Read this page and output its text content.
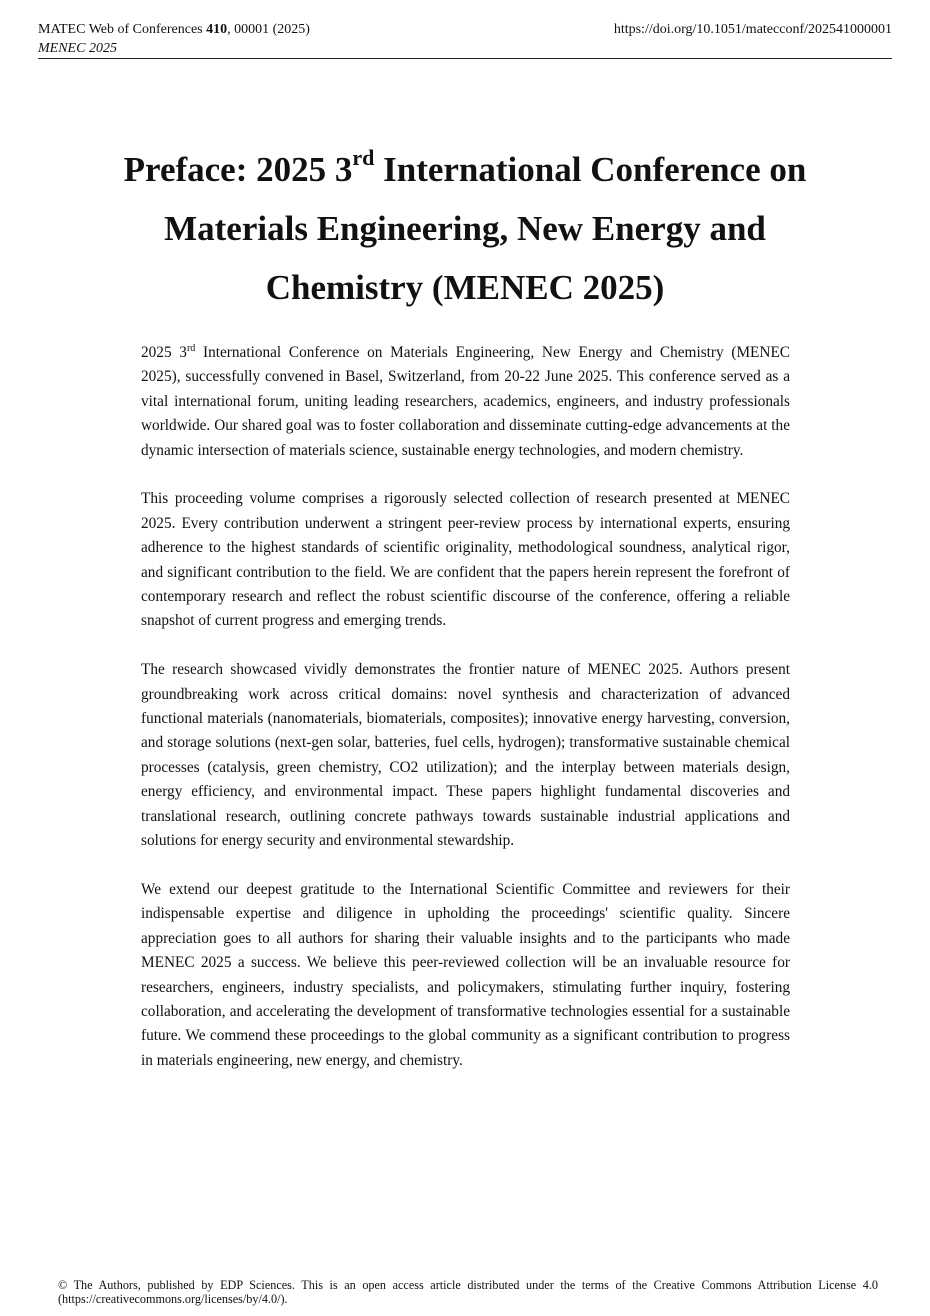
MATEC Web of Conferences 410, 00001 (2025)
MENEC 2025
https://doi.org/10.1051/matecconf/202541000001
Preface: 2025 3rd International Conference on Materials Engineering, New Energy and Chemistry (MENEC 2025)

2025 3rd International Conference on Materials Engineering, New Energy and Chemistry (MENEC 2025), successfully convened in Basel, Switzerland, from 20-22 June 2025. This conference served as a vital international forum, uniting leading researchers, academics, engineers, and industry professionals worldwide. Our shared goal was to foster collaboration and disseminate cutting-edge advancements at the dynamic intersection of materials science, sustainable energy technologies, and modern chemistry.

This proceeding volume comprises a rigorously selected collection of research presented at MENEC 2025. Every contribution underwent a stringent peer-review process by international experts, ensuring adherence to the highest standards of scientific originality, methodological soundness, analytical rigor, and significant contribution to the field. We are confident that the papers herein represent the forefront of contemporary research and reflect the robust scientific discourse of the conference, offering a reliable snapshot of current progress and emerging trends.

The research showcased vividly demonstrates the frontier nature of MENEC 2025. Authors present groundbreaking work across critical domains: novel synthesis and characterization of advanced functional materials (nanomaterials, biomaterials, composites); innovative energy harvesting, conversion, and storage solutions (next-gen solar, batteries, fuel cells, hydrogen); transformative sustainable chemical processes (catalysis, green chemistry, CO2 utilization); and the interplay between materials design, energy efficiency, and environmental impact. These papers highlight fundamental discoveries and translational research, outlining concrete pathways towards sustainable industrial applications and solutions for energy security and environmental stewardship.

We extend our deepest gratitude to the International Scientific Committee and reviewers for their indispensable expertise and diligence in upholding the proceedings' scientific quality. Sincere appreciation goes to all authors for sharing their valuable insights and to the participants who made MENEC 2025 a success. We believe this peer-reviewed collection will be an invaluable resource for researchers, engineers, industry specialists, and policymakers, stimulating further inquiry, fostering collaboration, and accelerating the development of transformative technologies essential for a sustainable future. We commend these proceedings to the global community as a significant contribution to progress in materials engineering, new energy, and chemistry.

© The Authors, published by EDP Sciences. This is an open access article distributed under the terms of the Creative Commons Attribution License 4.0 (https://creativecommons.org/licenses/by/4.0/).
